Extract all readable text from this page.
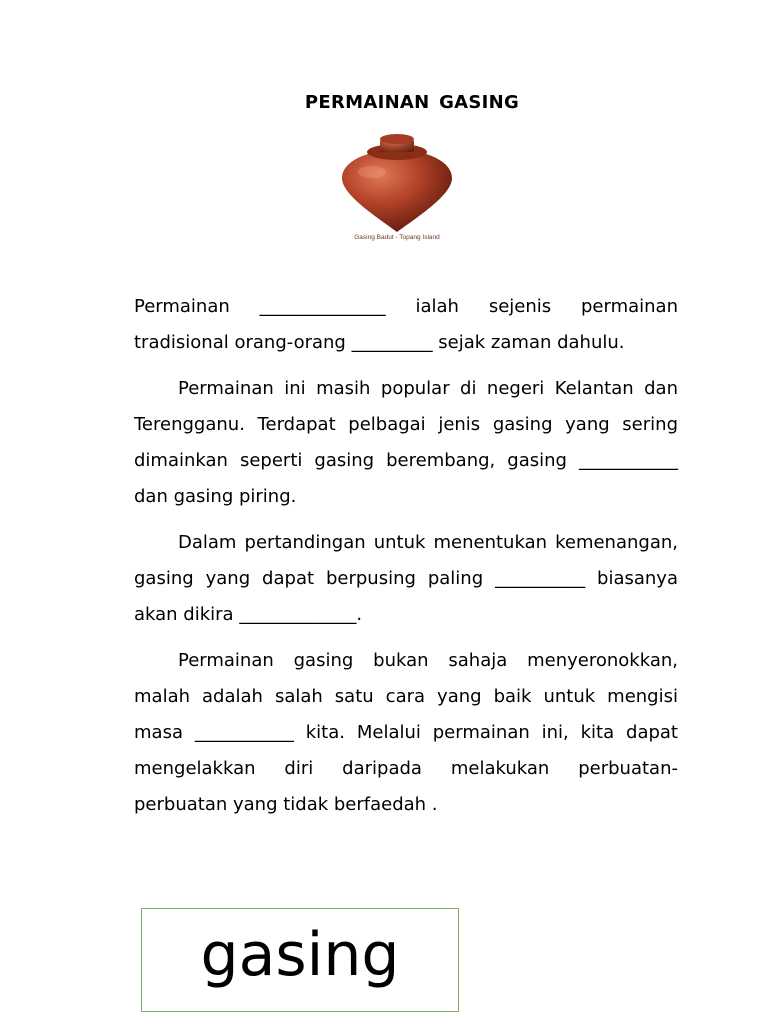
PERMAINAN GASING
Gasing Badut - Topang Island

Permainan ______________ ialah sejenis permainan tradisional orang-orang _________ sejak zaman dahulu.

Permainan ini masih popular di negeri Kelantan dan Terengganu. Terdapat pelbagai jenis gasing yang sering dimainkan seperti gasing berembang, gasing ___________ dan gasing piring.

Dalam pertandingan untuk menentukan kemenangan, gasing yang dapat berpusing paling __________ biasanya akan dikira _____________.

Permainan gasing bukan sahaja menyeronokkan, malah adalah salah satu cara yang baik untuk mengisi masa ___________ kita. Melalui permainan ini, kita dapat mengelakkan diri daripada melakukan perbuatan- perbuatan yang tidak berfaedah .

gasing
